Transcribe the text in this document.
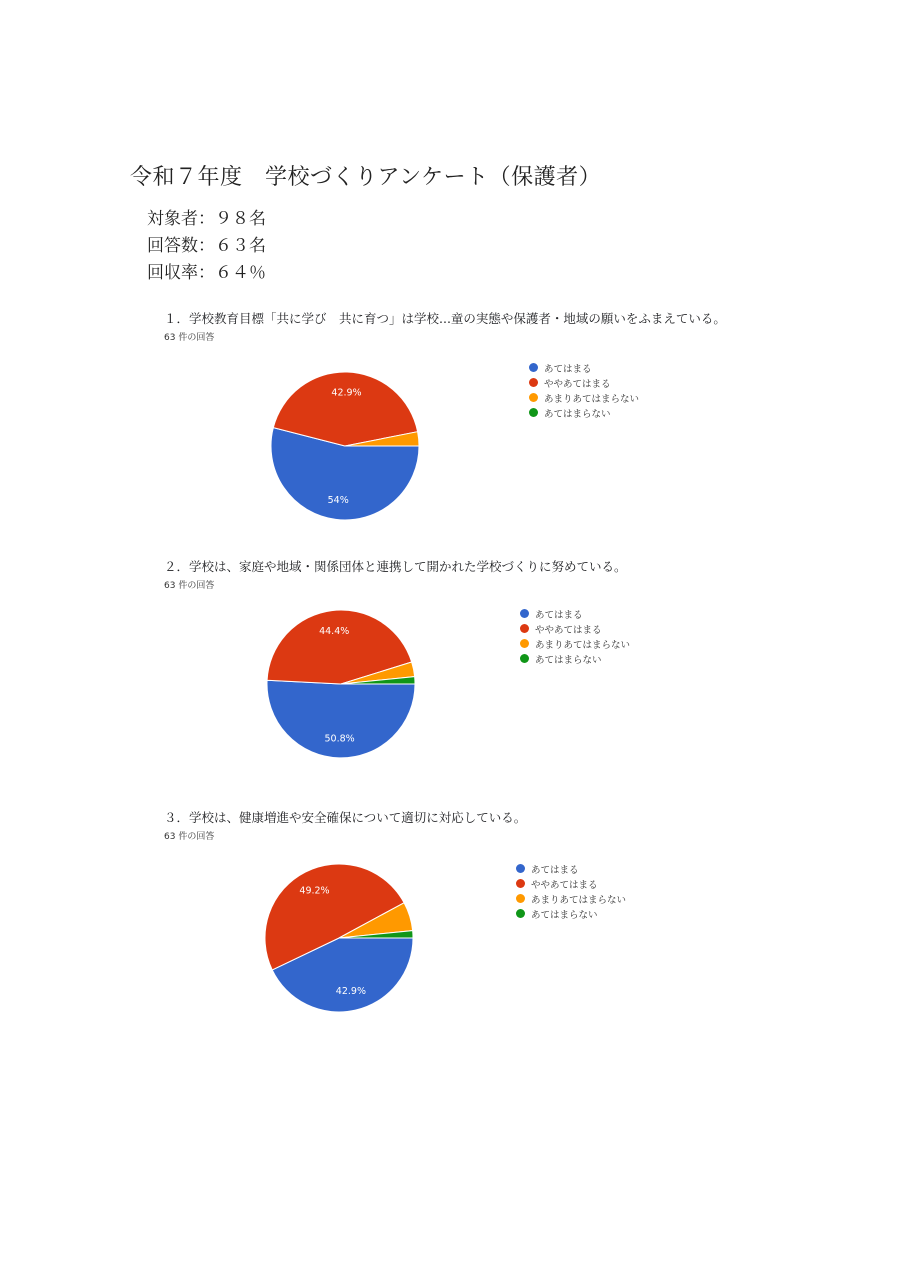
令和７年度　学校づくりアンケート（保護者）
対象者：９８名
回答数：６３名
回収率：６４％
１．学校教育目標「共に学び　共に育つ」は学校...童の実態や保護者・地域の願いをふまえている。
63 件の回答
54%
42.9%
あてはまる
ややあてはまる
あまりあてはまらない
あてはまらない
２．学校は、家庭や地域・関係団体と連携して開かれた学校づくりに努めている。
63 件の回答
50.8%
44.4%
あてはまる
ややあてはまる
あまりあてはまらない
あてはまらない
３．学校は、健康増進や安全確保について適切に対応している。
63 件の回答
42.9%
49.2%
あてはまる
ややあてはまる
あまりあてはまらない
あてはまらない
